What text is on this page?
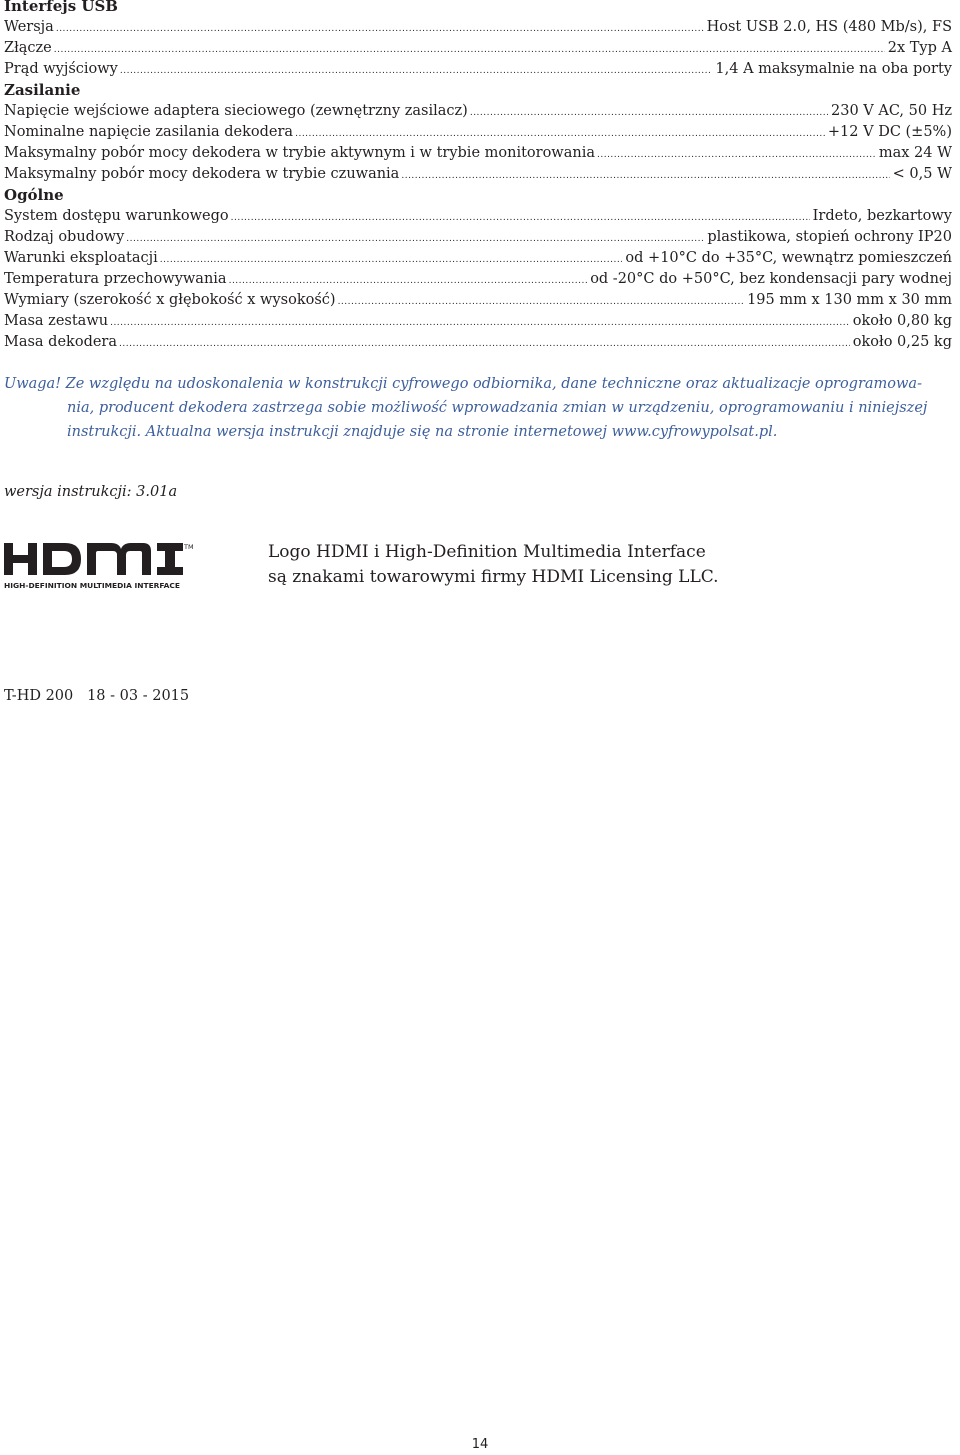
Interfejs USB
Wersja .....	Host USB 2.0, HS (480 Mb/s), FS
Złącze .....	2x Typ A
Prąd wyjściowy .....	1,4 A maksymalnie na oba porty
Zasilanie
Napięcie wejściowe adaptera sieciowego (zewnętrzny zasilacz) .....	230 V AC, 50 Hz
Nominalne napięcie zasilania dekodera .....	+12 V DC (±5%)
Maksymalny pobór mocy dekodera w trybie aktywnym i w trybie monitorowania .....	max 24 W
Maksymalny pobór mocy dekodera w trybie czuwania .....	< 0,5 W
Ogólne
System dostępu warunkowego .....	Irdeto, bezkartowy
Rodzaj obudowy .....	plastikowa, stopień ochrony IP20
Warunki eksploatacji .....	od +10°C do +35°C, wewnątrz pomieszczeń
Temperatura przechowywania .....	od -20°C do +50°C, bez kondensacji pary wodnej
Wymiary (szerokość x głębokość x wysokość) .....	195 mm x 130 mm x 30 mm
Masa zestawu .....	około 0,80 kg
Masa dekodera .....	około 0,25 kg
Uwaga! Ze względu na udoskonalenia w konstrukcji cyfrowego odbiornika, dane techniczne oraz aktualizacje oprogramowa-
nia, producent dekodera zastrzega sobie możliwość wprowadzania zmian w urządzeniu, oprogramowaniu i niniejszej
instrukcji. Aktualna wersja instrukcji znajduje się na stronie internetowej www.cyfrowypolsat.pl.
wersja instrukcji: 3.01a
TM
HIGH-DEFINITION MULTIMEDIA INTERFACE
Logo HDMI i High-Definition Multimedia Interface
są znakami towarowymi firmy HDMI Licensing LLC.
T-HD 200   18 - 03 - 2015
14
